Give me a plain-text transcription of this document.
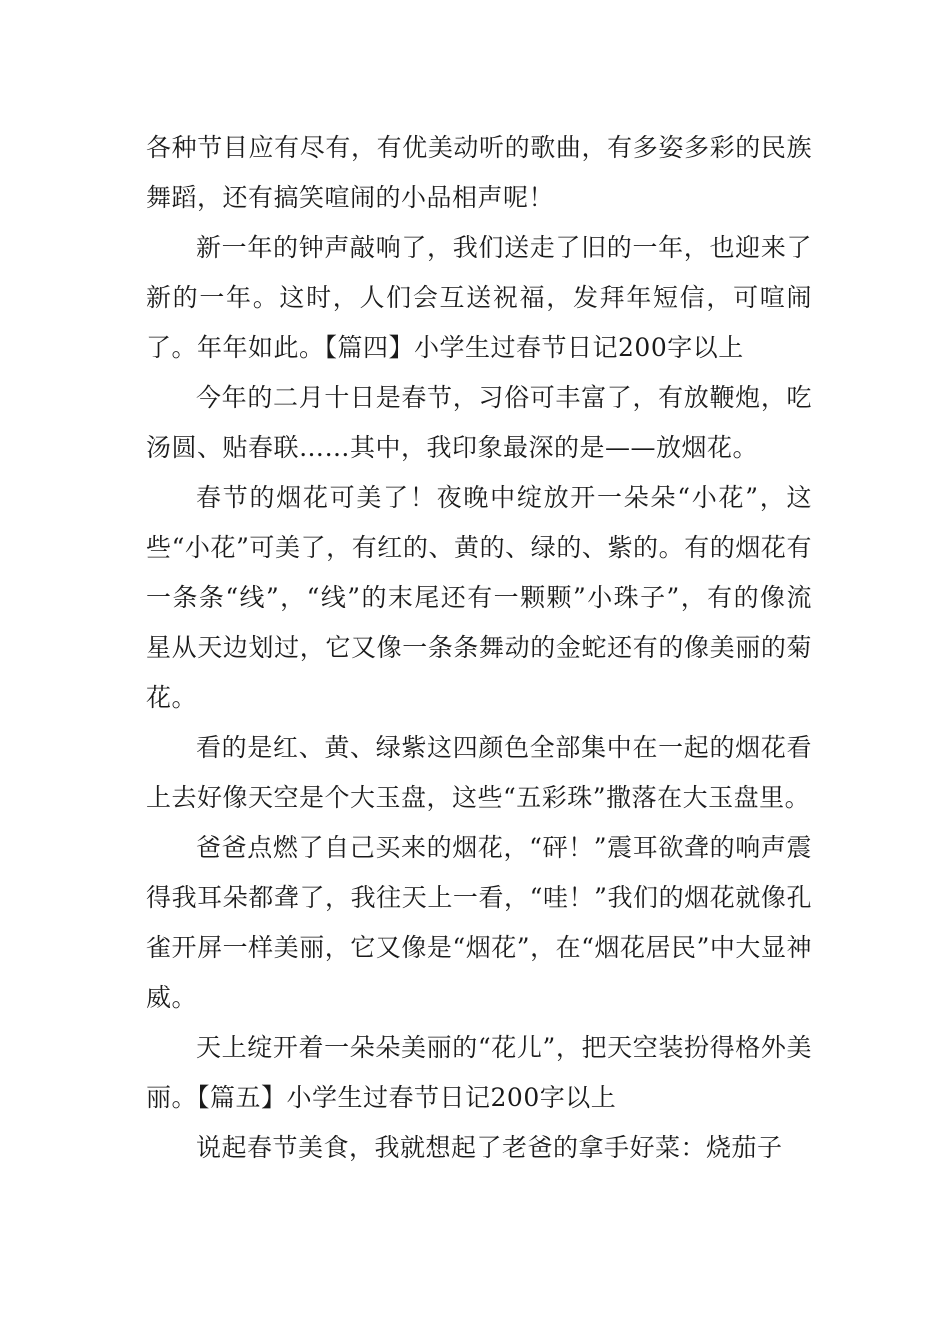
各种节目应有尽有，有优美动听的歌曲，有多姿多彩的民族舞蹈，还有搞笑喧闹的小品相声呢！

新一年的钟声敲响了，我们送走了旧的一年，也迎来了新的一年。这时，人们会互送祝福，发拜年短信，可喧闹了。年年如此。【篇四】小学生过春节日记200字以上

今年的二月十日是春节，习俗可丰富了，有放鞭炮，吃汤圆、贴春联……其中，我印象最深的是——放烟花。

春节的烟花可美了！夜晚中绽放开一朵朵“小花”，这些“小花”可美了，有红的、黄的、绿的、紫的。有的烟花有一条条“线”，“线”的末尾还有一颗颗”小珠子”，有的像流星从天边划过，它又像一条条舞动的金蛇还有的像美丽的菊花。

看的是红、黄、绿紫这四颜色全部集中在一起的烟花看上去好像天空是个大玉盘，这些“五彩珠”撒落在大玉盘里。

爸爸点燃了自己买来的烟花，“砰！”震耳欲聋的响声震得我耳朵都聋了，我往天上一看，“哇！”我们的烟花就像孔雀开屏一样美丽，它又像是“烟花”，在“烟花居民”中大显神威。

天上绽开着一朵朵美丽的“花儿”，把天空装扮得格外美丽。【篇五】小学生过春节日记200字以上

说起春节美食，我就想起了老爸的拿手好菜：烧茄子
